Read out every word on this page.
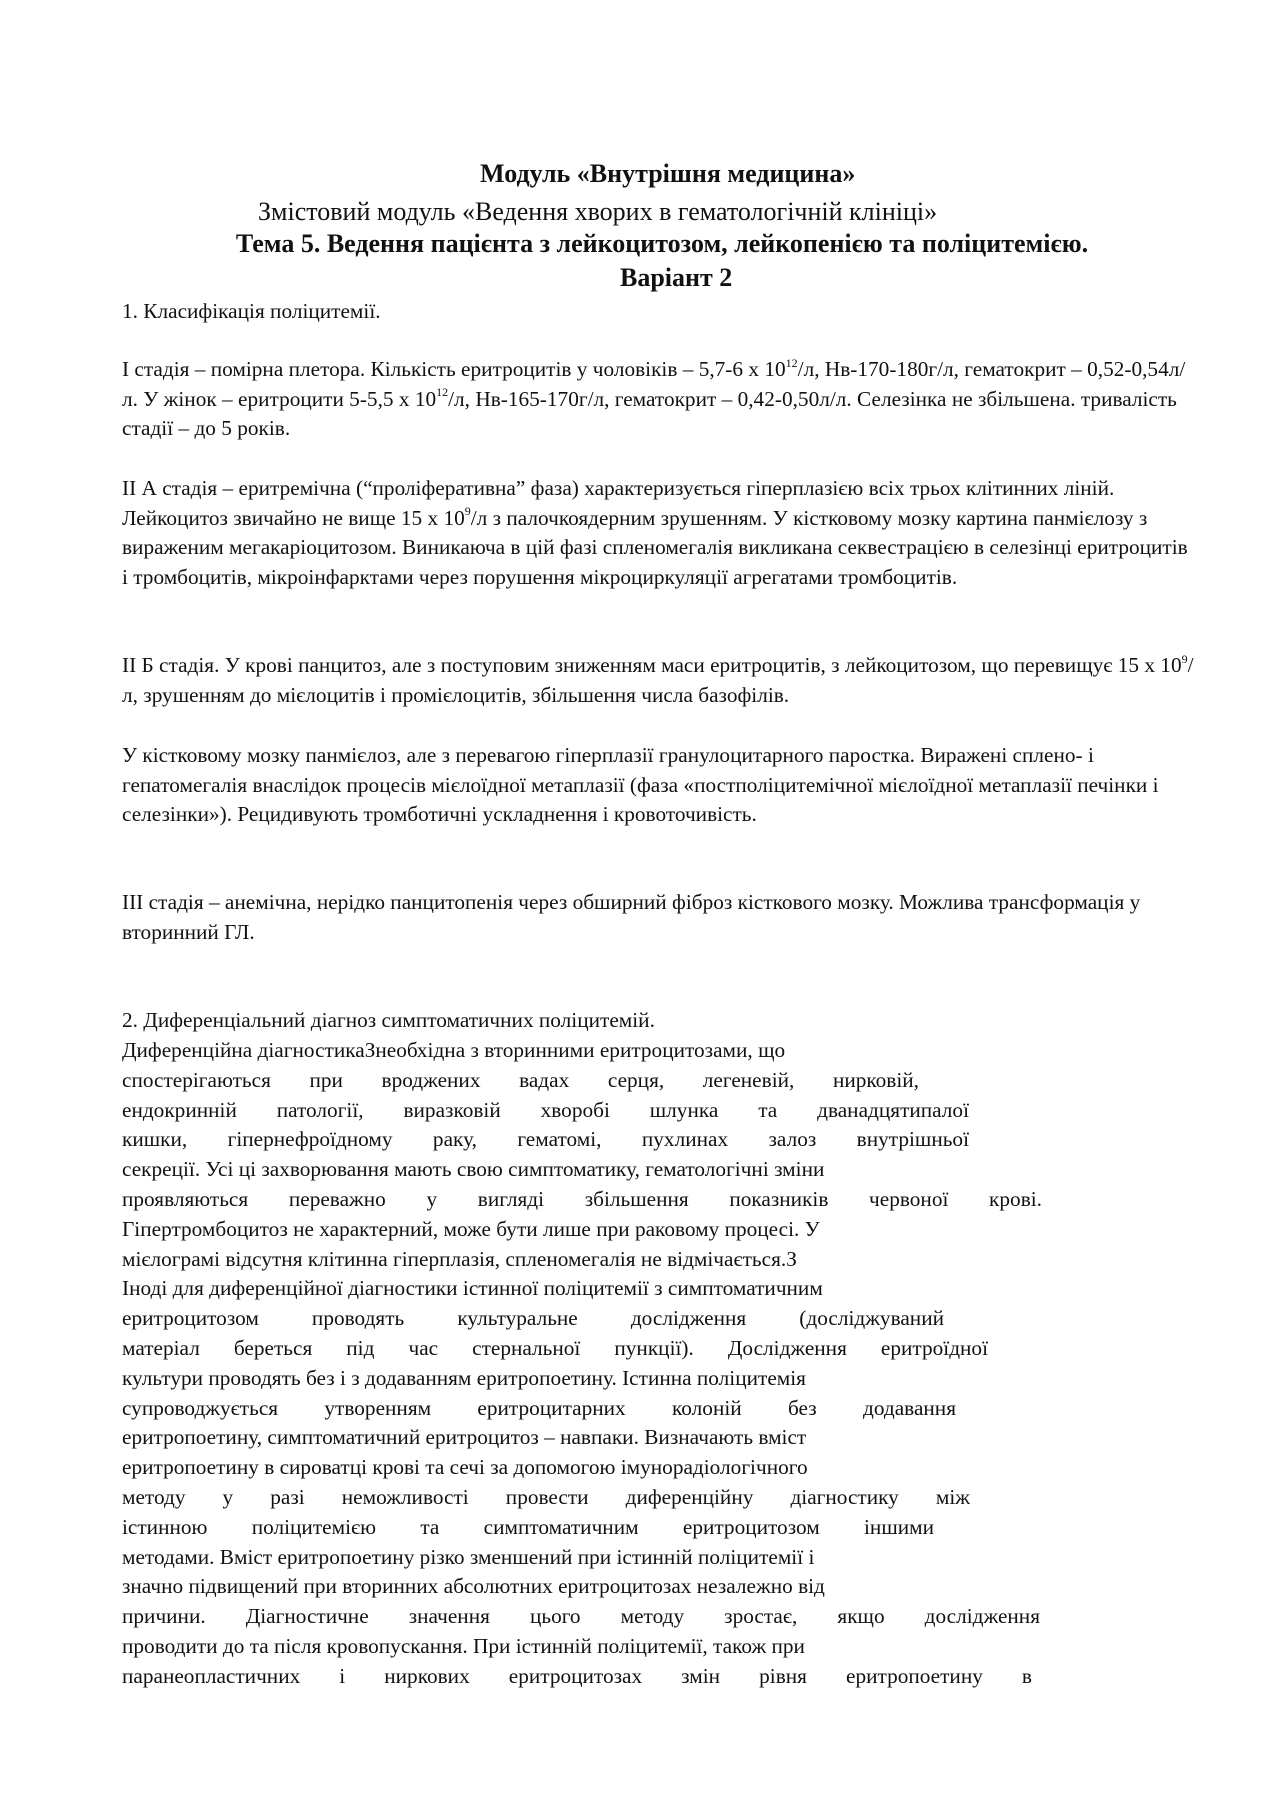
Модуль «Внутрішня медицина»
Змістовий модуль «Ведення хворих в гематологічній клініці»
Тема 5. Ведення пацієнта з лейкоцитозом, лейкопенією та поліцитемією.
Варіант 2

1. Класифікація поліцитемії.

І стадія – помірна плетора. Кількість еритроцитів у чоловіків – 5,7-6 х $10^{12}/л$, Нв-170-180г/л, гематокрит – 0,52-0,54л/л. У жінок – еритроцити 5-5,5 х $10^{12}/л$, Нв-165-170г/л, гематокрит – 0,42-0,50л/л. Селезінка не збільшена. тривалість стадії – до 5 років.

ІІ А стадія – еритремічна (“проліферативна” фаза) характеризується гіперплазією всіх трьох клітинних ліній. Лейкоцитоз звичайно не вище 15 х $10^9/л$ з палочкоядерним зрушенням. У кістковому мозку картина панмієлозу з вираженим мегакаріоцитозом. Виникаюча в цій фазі спленомегалія викликана секвестрацією в селезінці еритроцитів і тромбоцитів, мікроінфарктами через порушення мікроциркуляції агрегатами тромбоцитів.

ІІ Б стадія. У крові панцитоз, але з поступовим зниженням маси еритроцитів, з лейкоцитозом, що перевищує 15 х $10^9/л$, зрушенням до мієлоцитів і промієлоцитів, збільшення числа базофілів.

У кістковому мозку панмієлоз, але з перевагою гіперплазії гранулоцитарного паростка. Виражені сплено- і гепатомегалія внаслідок процесів мієлоїдної метаплазії (фаза «постполіцитемічної мієлоїдної метаплазії печінки і селезінки»). Рецидивують тромботичні ускладнення і кровоточивість.

ІІІ стадія – анемічна, нерідко панцитопенія через обширний фіброз кісткового мозку. Можлива трансформація у вторинний ГЛ.

2. Диференціальний діагноз симптоматичних поліцитемій.

Диференційна діагностикаЗнеобхідна з вторинними еритроцитозами, що
спостерігаються при вроджених вадах серця, легеневій, нирковій,
ендокринній патології, виразковій хворобі шлунка та дванадцятипалої
кишки, гіпернефроїдному раку, гематомі, пухлинах залоз внутрішньої
секреції. Усі ці захворювання мають свою симптоматику, гематологічні зміни
проявляються переважно у вигляді збільшення показників червоної крові.
Гіпертромбоцитоз не характерний, може бути лише при раковому процесі. У
мієлограмі відсутня клітинна гіперплазія, спленомегалія не відмічається.З
Іноді для диференційної діагностики істинної поліцитемії з симптоматичним
еритроцитозом проводять культуральне дослідження (досліджуваний
матеріал береться під час стернальної пункції). Дослідження еритроїдної
культури проводять без і з додаванням еритропоетину. Істинна поліцитемія
супроводжується утворенням еритроцитарних колоній без додавання
еритропоетину, симптоматичний еритроцитоз – навпаки. Визначають вміст
еритропоетину в сироватці крові та сечі за допомогою імунорадіологічного
методу у разі неможливості провести диференційну діагностику між
істинною поліцитемією та симптоматичним еритроцитозом іншими
методами. Вміст еритропоетину різко зменшений при істинній поліцитемії і
значно підвищений при вторинних абсолютних еритроцитозах незалежно від
причини. Діагностичне значення цього методу зростає, якщо дослідження
проводити до та після кровопускання. При істинній поліцитемії, також при
паранеопластичних і ниркових еритроцитозах змін рівня еритропоетину в
